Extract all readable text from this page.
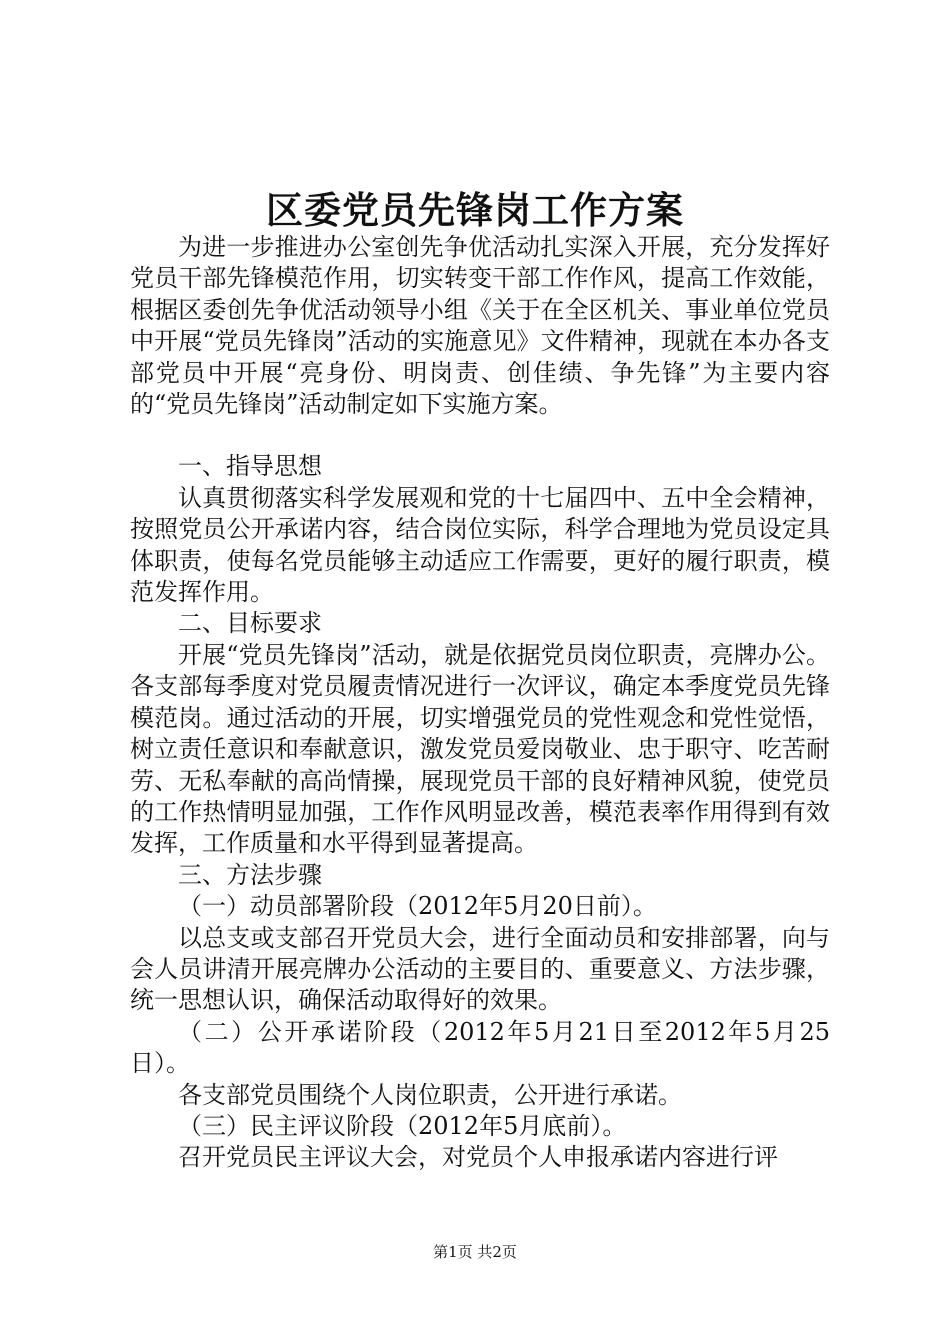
区委党员先锋岗工作方案

为进一步推进办公室创先争优活动扎实深入开展，充分发挥好党员干部先锋模范作用，切实转变干部工作作风，提高工作效能，根据区委创先争优活动领导小组《关于在全区机关、事业单位党员中开展“党员先锋岗”活动的实施意见》文件精神，现就在本办各支部党员中开展“亮身份、明岗责、创佳绩、争先锋”为主要内容的“党员先锋岗”活动制定如下实施方案。

一、指导思想

认真贯彻落实科学发展观和党的十七届四中、五中全会精神，按照党员公开承诺内容，结合岗位实际，科学合理地为党员设定具体职责，使每名党员能够主动适应工作需要，更好的履行职责，模范发挥作用。

二、目标要求

开展“党员先锋岗”活动，就是依据党员岗位职责，亮牌办公。各支部每季度对党员履责情况进行一次评议，确定本季度党员先锋模范岗。通过活动的开展，切实增强党员的党性观念和党性觉悟，树立责任意识和奉献意识，激发党员爱岗敬业、忠于职守、吃苦耐劳、无私奉献的高尚情操，展现党员干部的良好精神风貌，使党员的工作热情明显加强，工作作风明显改善，模范表率作用得到有效发挥，工作质量和水平得到显著提高。

三、方法步骤

（一）动员部署阶段（2012年5月20日前）。

以总支或支部召开党员大会，进行全面动员和安排部署，向与会人员讲清开展亮牌办公活动的主要目的、重要意义、方法步骤，统一思想认识，确保活动取得好的效果。

（二）公开承诺阶段（2012年5月21日至2012年5月25日）。

各支部党员围绕个人岗位职责，公开进行承诺。

（三）民主评议阶段（2012年5月底前）。

召开党员民主评议大会，对党员个人申报承诺内容进行评

第1页 共2页
